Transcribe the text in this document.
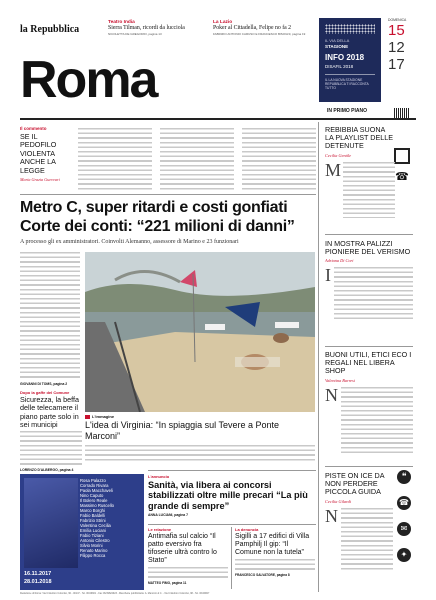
la Repubblica
Teatro India
Sierra Tilman, ricordi da lucciola
NICOLETTA DE GREGORIO, pagina 13
La Lazio
Poker al Cittadella, Felipe no fa 2
FABRIZIO ANTONIO CARUSO E FRANCESCO BISOGNI, pagina 19
Roma
IL VIA DELLA
STAGIONE
INFO 2018
DISAFIL 2018
IL LA NUOVA STAGIONE REPUBBLICA TI RACCONTA TUTTO
DOMENICA
15
12
17
IN PRIMO PIANO
☎
Il commento
SE IL PEDOFILO VIOLENTA ANCHE LA LEGGE
Maria Grazia Guevvari
REBIBBIA SUONA LA PLAYLIST DELLE DETENUTE
Cecilia Gentile
M
IN MOSTRA PALIZZI PIONIERE DEL VERISMO
Adriana Di Cori
I
BUONI UTILI, ETICI ECO I REGALI NEL LIBERA SHOP
Valentina Barresi
N
PISTE ON ICE DA NON PERDERE PICCOLA GUIDA
Cecilia Gilardi
N
❝
☎
✉
✦
Metro C, super ritardi e costi gonfiati
Corte dei conti: “221 milioni di danni”
A processo gli ex amministratori. Coinvolti Alemanno, assessore di Marino e 23 funzionari
GIOVANNI DI TOMS, pagina 2
L'immagine
L'idea di Virginia: “In spiaggia sul Tevere a Ponte Marconi”
Dopo la gaffe del Comune
Sicurezza, la beffa delle telecamere il piano parte solo in sei municipi
LORENZO D'ALBERGO, pagina 4
Rosa Palazzo
Corrado Rivara
Paola Macchaveli
Nino Caputo
Il Bolero Reale
Massimo Ruscello
Marco Borghi
Fabio Baldelli
Fabrizio Strini
Valentina Cecilia
Emilia Luciani
Fabio Tiziani
Antonio Cilestro
Silvio Morini
Renato Marino
Filippo Rocca
16.11.2017
28.01.2018
L'annuncio
Sanità, via libera ai concorsi stabilizzati oltre mille precari “La più grande di sempre”
ANNA LUCIANI, pagina 7
Le relazione
Antimafia sul calcio “Il patto eversivo fra tifoserie ultrà contro lo Stato”
MATTEO FIMO, pagina 11
La denuncia
Sigilli a 17 edifici di Villa Pamphilj Il gip: “Il Comune non la tutela”
FRANCESCO SALVATORE, pagina 8
Redazione di Roma: Via Cristoforo Colombo, 90 - 00147 - Tel. 06/49821 - Fax 06/49822923 - Manchette pubblicitaria: A. Manzoni & C. - Via Cristoforo Colombo, 98 - Tel. 06/49827
